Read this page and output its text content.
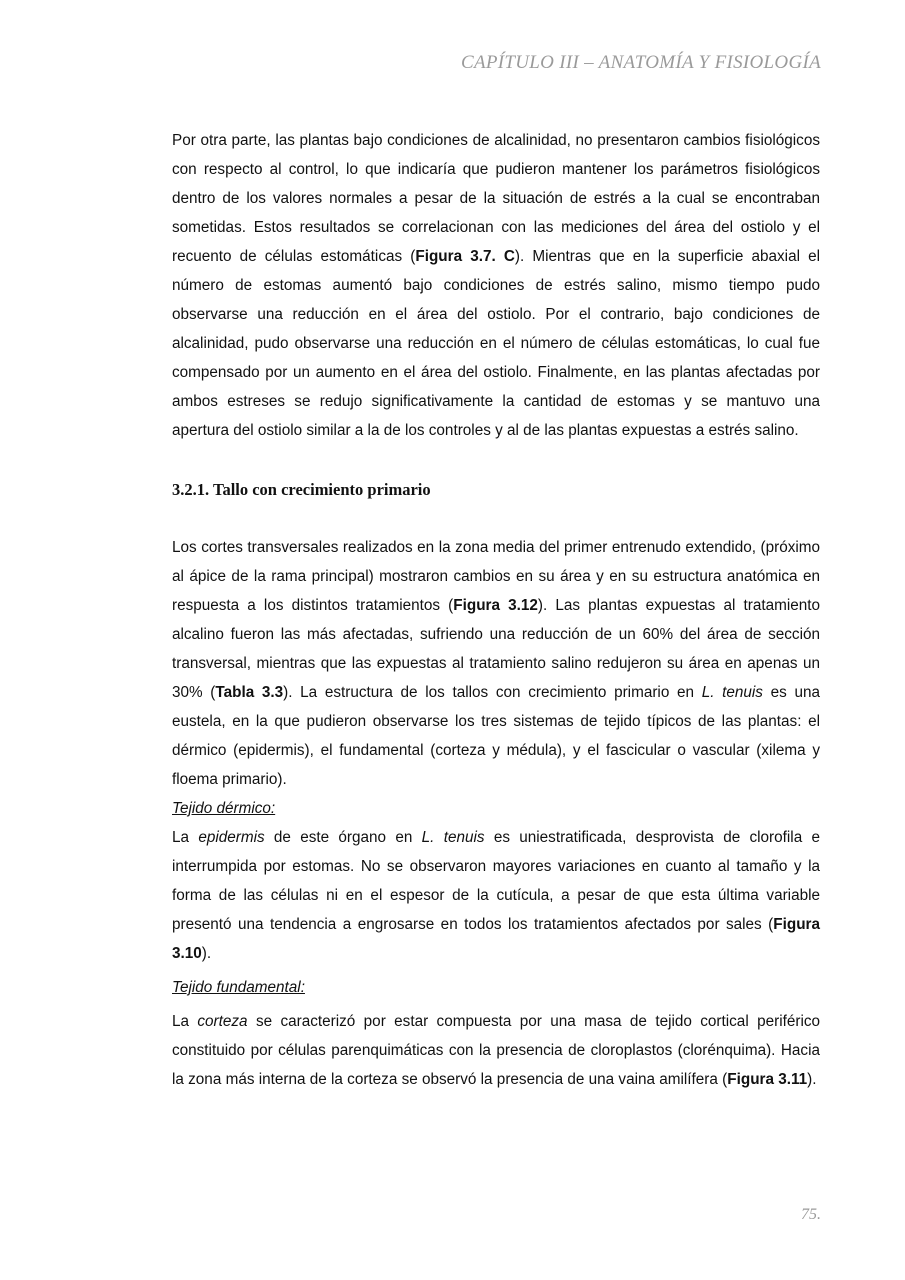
CAPÍTULO III – ANATOMÍA Y FISIOLOGÍA

Por otra parte, las plantas bajo condiciones de alcalinidad, no presentaron cambios fisiológicos con respecto al control, lo que indicaría que pudieron mantener los parámetros fisiológicos dentro de los valores normales a pesar de la situación de estrés a la cual se encontraban sometidas. Estos resultados se correlacionan con las mediciones del área del ostiolo y el recuento de células estomáticas (Figura 3.7. C). Mientras que en la superficie abaxial el número de estomas aumentó bajo condiciones de estrés salino, mismo tiempo pudo observarse una reducción en el área del ostiolo. Por el contrario, bajo condiciones de alcalinidad, pudo observarse una reducción en el número de células estomáticas, lo cual fue compensado por un aumento en el área del ostiolo. Finalmente, en las plantas afectadas por ambos estreses se redujo significativamente la cantidad de estomas y se mantuvo una apertura del ostiolo similar a la de los controles y al de las plantas expuestas a estrés salino.

3.2.1. Tallo con crecimiento primario

Los cortes transversales realizados en la zona media del primer entrenudo extendido, (próximo al ápice de la rama principal) mostraron cambios en su área y en su estructura anatómica en respuesta a los distintos tratamientos (Figura 3.12). Las plantas expuestas al tratamiento alcalino fueron las más afectadas, sufriendo una reducción de un 60% del área de sección transversal, mientras que las expuestas al tratamiento salino redujeron su área en apenas un 30% (Tabla 3.3). La estructura de los tallos con crecimiento primario en L. tenuis es una eustela, en la que pudieron observarse los tres sistemas de tejido típicos de las plantas: el dérmico (epidermis), el fundamental (corteza y médula), y el fascicular o vascular (xilema y floema primario).

Tejido dérmico:

La epidermis de este órgano en L. tenuis es uniestratificada, desprovista de clorofila e interrumpida por estomas. No se observaron mayores variaciones en cuanto al tamaño y la forma de las células ni en el espesor de la cutícula, a pesar de que esta última variable presentó una tendencia a engrosarse en todos los tratamientos afectados por sales (Figura 3.10).

Tejido fundamental:

La corteza se caracterizó por estar compuesta por una masa de tejido cortical periférico constituido por células parenquimáticas con la presencia de cloroplastos (clorénquima). Hacia la zona más interna de la corteza se observó la presencia de una vaina amilífera (Figura 3.11).

75.
